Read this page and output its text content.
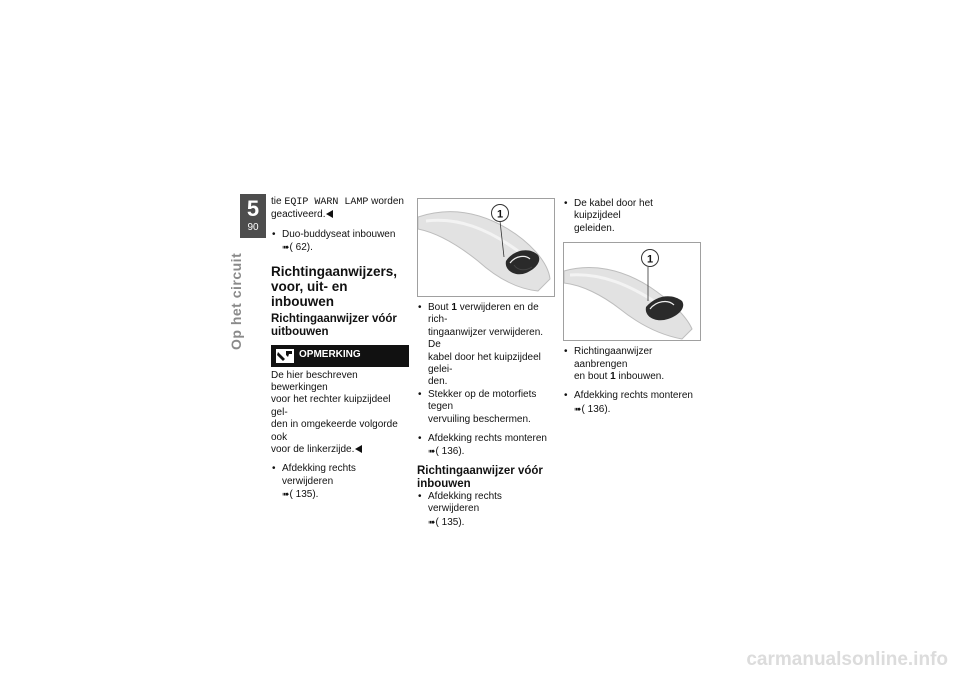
5
90
Op het circuit

tie EQIP WARN LAMP worden

geactiveerd.

• Duo-buddyseat inbouwen

➠( 62).

Richtingaanwijzers,
voor, uit- en inbouwen

Richtingaanwijzer vóór
uitbouwen

OPMERKING

De hier beschreven bewerkingen

voor het rechter kuipzijdeel gel-

den in omgekeerde volgorde ook

voor de linkerzijde.

• Afdekking rechts verwijderen

➠( 135).

1

• Bout 1 verwijderen en de rich-

tingaanwijzer verwijderen. De

kabel door het kuipzijdeel gelei-

den.

• Stekker op de motorfiets tegen

vervuiling beschermen.

• Afdekking rechts monteren

➠( 136).

Richtingaanwijzer vóór
inbouwen

• Afdekking rechts verwijderen

➠( 135).

• De kabel door het kuipzijdeel

geleiden.

1

• Richtingaanwijzer aanbrengen

en bout 1 inbouwen.

• Afdekking rechts monteren

➠( 136).

carmanualsonline.info
